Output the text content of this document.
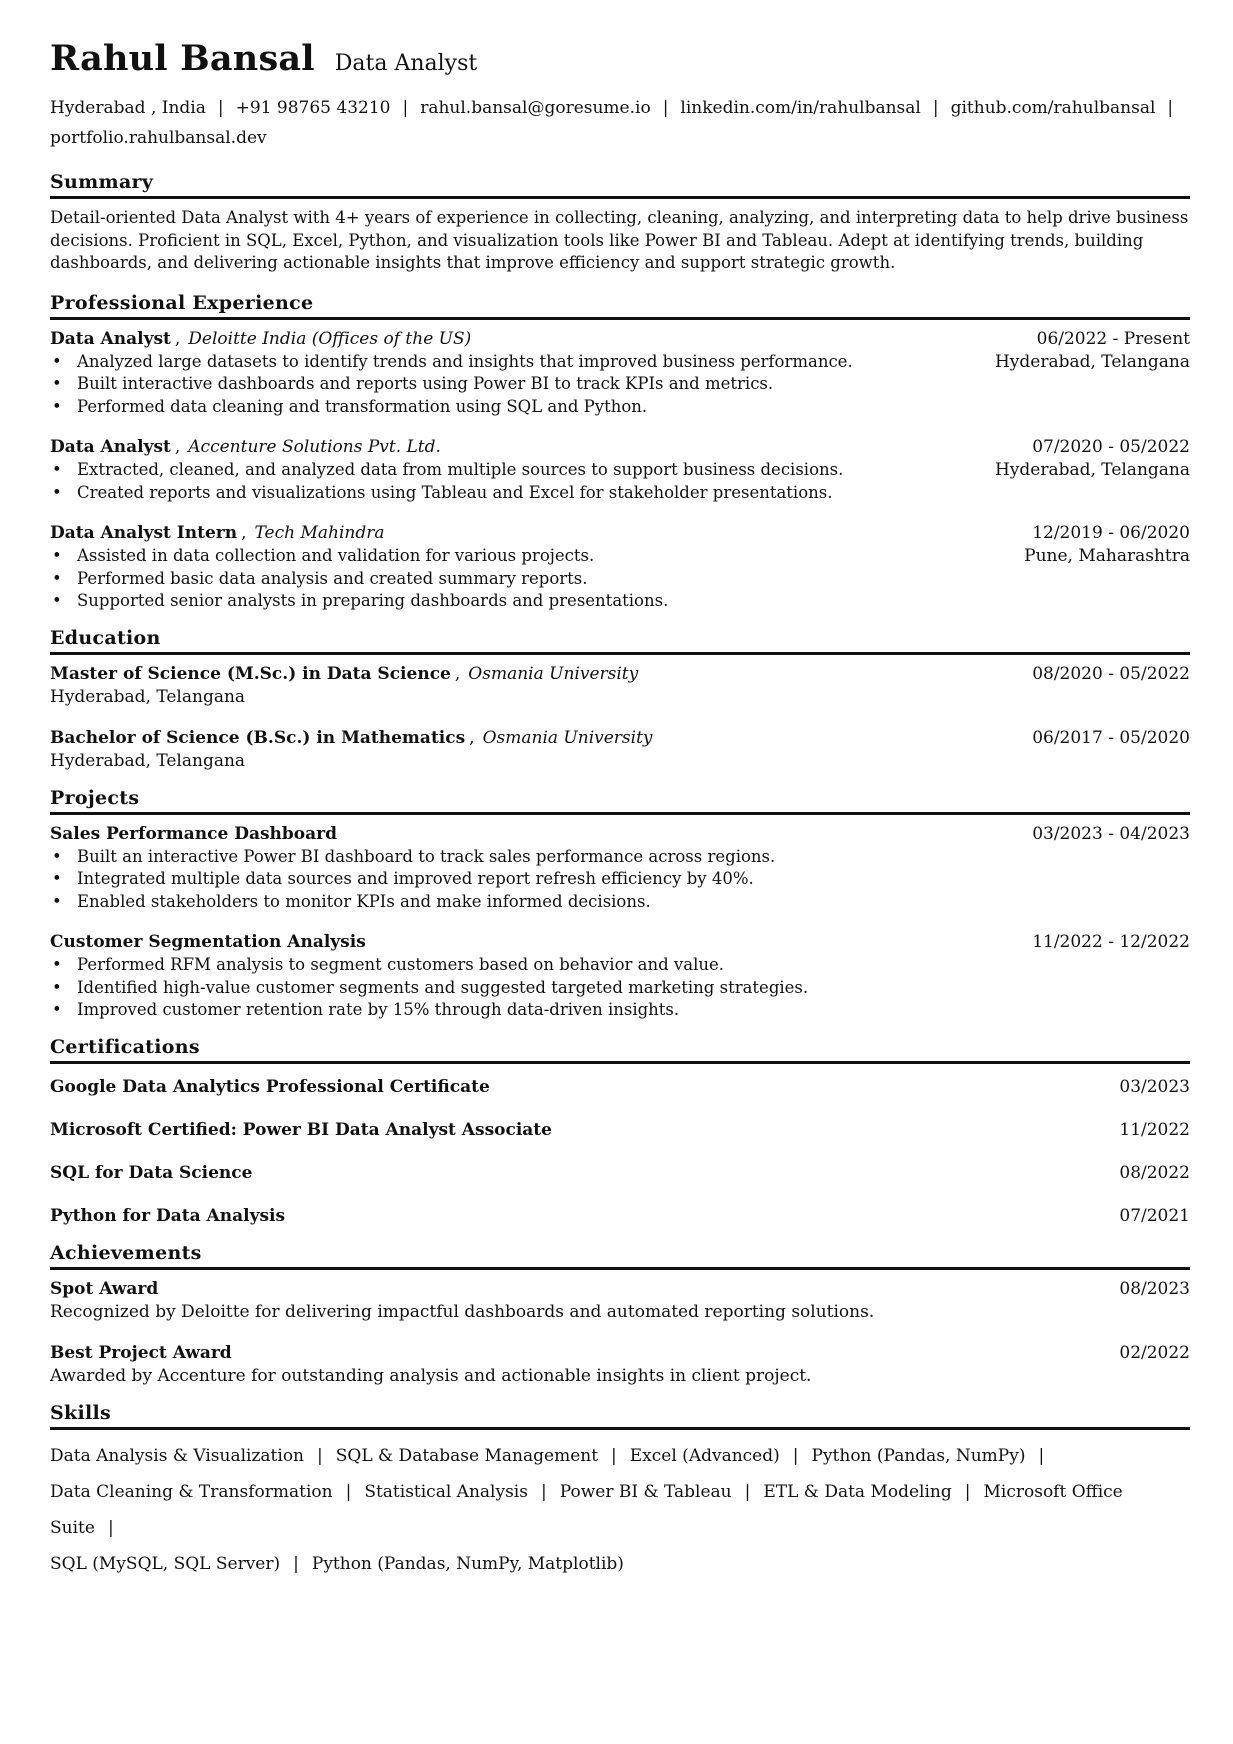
Rahul Bansal Data Analyst
Hyderabad , India | +91 98765 43210 | rahul.bansal@goresume.io | linkedin.com/in/rahulbansal | github.com/rahulbansal |
portfolio.rahulbansal.dev
Summary
Detail-oriented Data Analyst with 4+ years of experience in collecting, cleaning, analyzing, and interpreting data to help drive business decisions. Proficient in SQL, Excel, Python, and visualization tools like Power BI and Tableau. Adept at identifying trends, building dashboards, and delivering actionable insights that improve efficiency and support strategic growth.
Professional Experience
Data Analyst , Deloitte India (Offices of the US)	06/2022 - Present
• Analyzed large datasets to identify trends and insights that improved business performance.
• Built interactive dashboards and reports using Power BI to track KPIs and metrics.
• Performed data cleaning and transformation using SQL and Python.
Hyderabad, Telangana
Data Analyst , Accenture Solutions Pvt. Ltd.	07/2020 - 05/2022
• Extracted, cleaned, and analyzed data from multiple sources to support business decisions.
• Created reports and visualizations using Tableau and Excel for stakeholder presentations.
Hyderabad, Telangana
Data Analyst Intern , Tech Mahindra	12/2019 - 06/2020
• Assisted in data collection and validation for various projects.
• Performed basic data analysis and created summary reports.
• Supported senior analysts in preparing dashboards and presentations.
Pune, Maharashtra
Education
Master of Science (M.Sc.) in Data Science , Osmania University	08/2020 - 05/2022
Hyderabad, Telangana
Bachelor of Science (B.Sc.) in Mathematics , Osmania University	06/2017 - 05/2020
Hyderabad, Telangana
Projects
Sales Performance Dashboard	03/2023 - 04/2023
• Built an interactive Power BI dashboard to track sales performance across regions.
• Integrated multiple data sources and improved report refresh efficiency by 40%.
• Enabled stakeholders to monitor KPIs and make informed decisions.
Customer Segmentation Analysis	11/2022 - 12/2022
• Performed RFM analysis to segment customers based on behavior and value.
• Identified high-value customer segments and suggested targeted marketing strategies.
• Improved customer retention rate by 15% through data-driven insights.
Certifications
Google Data Analytics Professional Certificate	03/2023
Microsoft Certified: Power BI Data Analyst Associate	11/2022
SQL for Data Science	08/2022
Python for Data Analysis	07/2021
Achievements
Spot Award	08/2023
Recognized by Deloitte for delivering impactful dashboards and automated reporting solutions.
Best Project Award	02/2022
Awarded by Accenture for outstanding analysis and actionable insights in client project.
Skills
Data Analysis & Visualization | SQL & Database Management | Excel (Advanced) | Python (Pandas, NumPy) |
Data Cleaning & Transformation | Statistical Analysis | Power BI & Tableau | ETL & Data Modeling | Microsoft Office Suite |
SQL (MySQL, SQL Server) | Python (Pandas, NumPy, Matplotlib)
